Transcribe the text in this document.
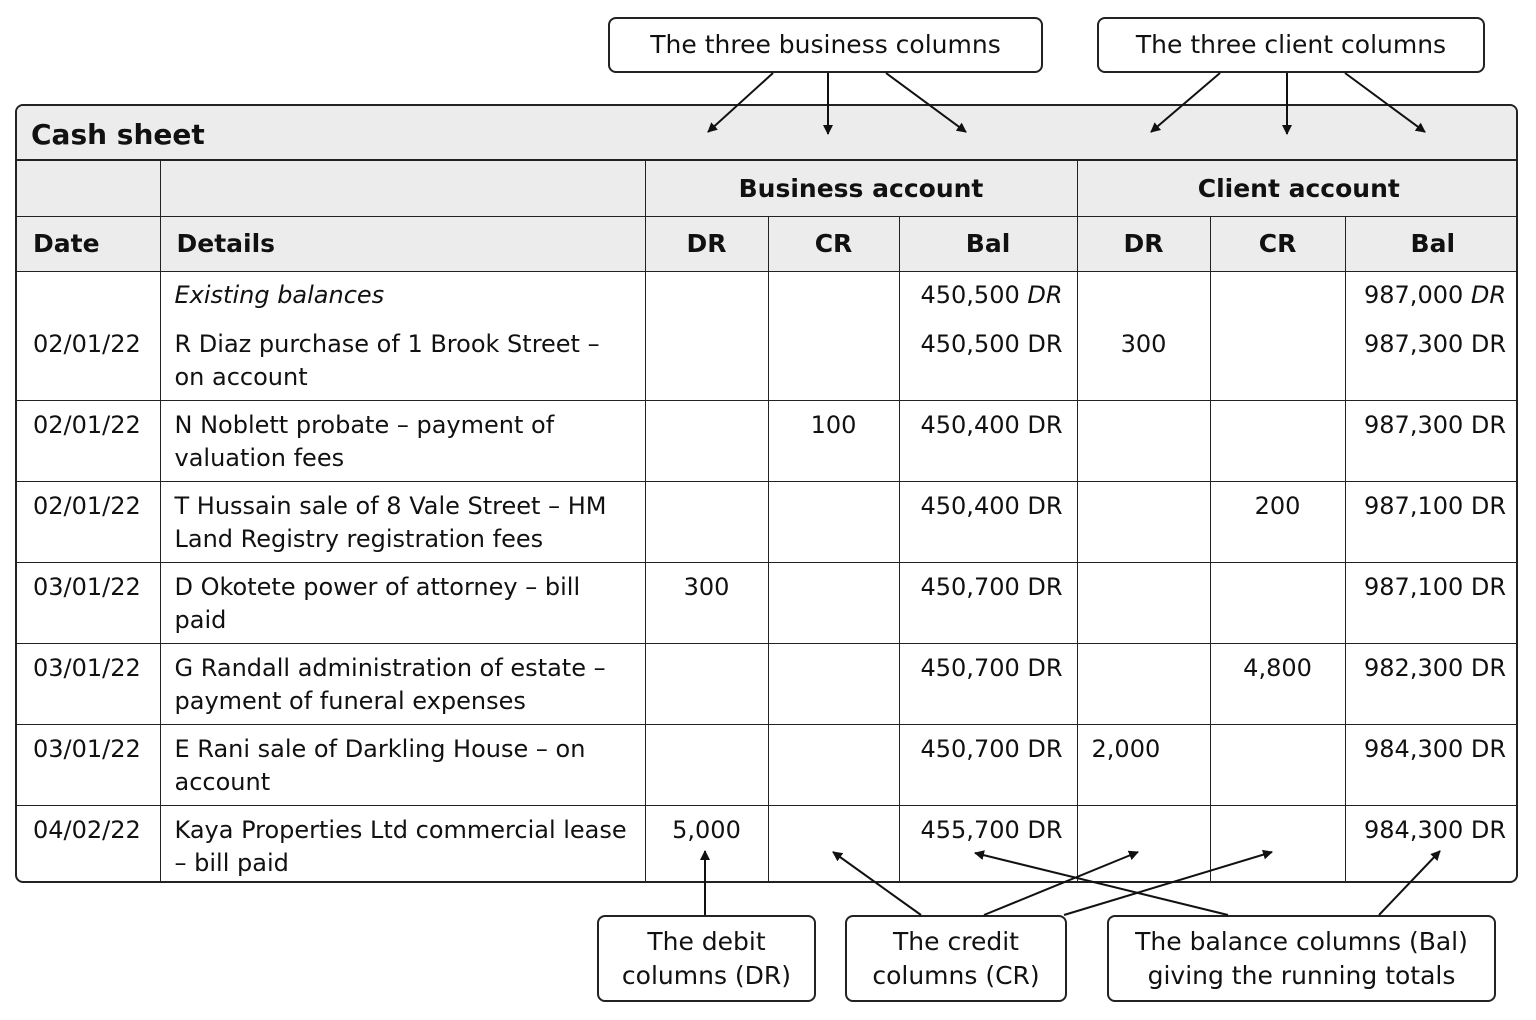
The three business columns	The three client columns
Cash sheet
		Business account			Client account		
Date	Details	DR	CR	Bal	DR	CR	Bal
	Existing balances			450,500 DR			987,000 DR
02/01/22	R Diaz purchase of 1 Brook Street – on account			450,500 DR	300		987,300 DR
02/01/22	N Noblett probate – payment of valuation fees		100	450,400 DR			987,300 DR
02/01/22	T Hussain sale of 8 Vale Street – HM Land Registry registration fees			450,400 DR		200	987,100 DR
03/01/22	D Okotete power of attorney – bill paid	300		450,700 DR			987,100 DR
03/01/22	G Randall administration of estate – payment of funeral expenses			450,700 DR		4,800	982,300 DR
03/01/22	E Rani sale of Darkling House – on account			450,700 DR	2,000		984,300 DR
04/02/22	Kaya Properties Ltd commercial lease – bill paid	5,000		455,700 DR			984,300 DR

The debit
columns (DR)
The credit
columns (CR)
The balance columns (Bal)
giving the running totals
